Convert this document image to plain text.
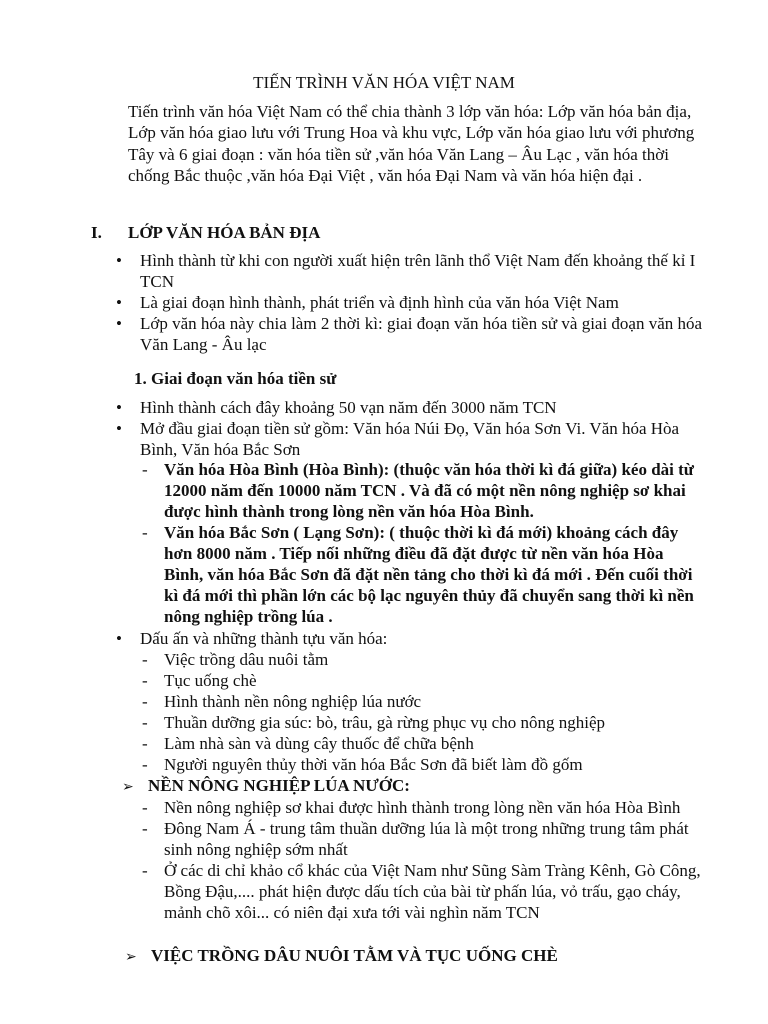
TIẾN TRÌNH VĂN HÓA VIỆT NAM
Tiến trình văn hóa Việt Nam có thể chia thành 3 lớp văn hóa: Lớp văn hóa bản địa, Lớp văn hóa giao lưu với Trung Hoa và khu vực, Lớp văn hóa giao lưu với phương Tây và 6 giai đoạn : văn hóa tiền sử ,văn hóa Văn Lang – Âu Lạc , văn hóa thời chống Bắc thuộc ,văn hóa Đại Việt , văn hóa Đại Nam và văn hóa hiện đại .
I. LỚP VĂN HÓA BẢN ĐỊA
• Hình thành từ khi con người xuất hiện trên lãnh thổ Việt Nam đến khoảng thế kỉ I TCN
• Là giai đoạn hình thành, phát triển và định hình của văn hóa Việt Nam
• Lớp văn hóa này chia làm 2 thời kì: giai đoạn văn hóa tiền sử và giai đoạn văn hóa Văn Lang - Âu lạc
1. Giai đoạn văn hóa tiền sử
• Hình thành cách đây khoảng 50 vạn năm đến 3000 năm TCN
• Mở đầu giai đoạn tiền sử gồm: Văn hóa Núi Đọ, Văn hóa Sơn Vi. Văn hóa Hòa Bình, Văn hóa Bắc Sơn
- Văn hóa Hòa Bình (Hòa Bình): (thuộc văn hóa thời kì đá giữa) kéo dài từ 12000 năm đến 10000 năm TCN . Và đã có một nền nông nghiệp sơ khai được hình thành trong lòng nền văn hóa Hòa Bình.
- Văn hóa Bắc Sơn ( Lạng Sơn): ( thuộc thời kì đá mới) khoảng cách đây hơn 8000 năm . Tiếp nối những điều đã đặt được từ nền văn hóa Hòa Bình, văn hóa Bắc Sơn đã đặt nền tảng cho thời kì đá mới . Đến cuối thời kì đá mới thì phần lớn các bộ lạc nguyên thủy đã chuyển sang thời kì nền nông nghiệp trồng lúa .
• Dấu ấn và những thành tựu văn hóa:
- Việc trồng dâu nuôi tằm
- Tục uống chè
- Hình thành nền nông nghiệp lúa nước
- Thuần dưỡng gia súc: bò, trâu, gà rừng phục vụ cho nông nghiệp
- Làm nhà sàn và dùng cây thuốc để chữa bệnh
- Người nguyên thủy thời văn hóa Bắc Sơn đã biết làm đồ gốm
➢ NỀN NÔNG NGHIỆP LÚA NƯỚC:
- Nền nông nghiệp sơ khai được hình thành trong lòng nền văn hóa Hòa Bình
- Đông Nam Á - trung tâm thuần dưỡng lúa là một trong những trung tâm phát sinh nông nghiệp sớm nhất
- Ở các di chỉ khảo cổ khác của Việt Nam như Sũng Sàm Tràng Kênh, Gò Công, Bồng Đậu,.... phát hiện được dấu tích của bài từ phấn lúa, vỏ trấu, gạo cháy, mảnh chõ xôi... có niên đại xưa tới vài nghìn năm TCN
➢ VIỆC TRỒNG DÂU NUÔI TẰM VÀ TỤC UỐNG CHÈ
